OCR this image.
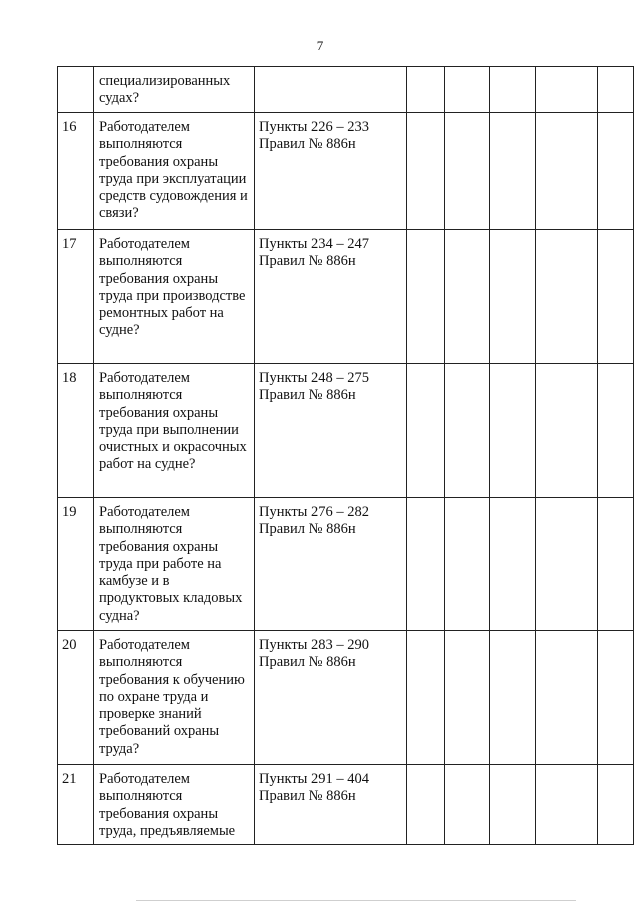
7
	специализированных судах?						
16	Работодателем выполняются требования охраны труда при эксплуатации средств судовождения и связи?	Пункты 226 – 233 Правил № 886н					
17	Работодателем выполняются требования охраны труда при производстве ремонтных работ на судне?	Пункты 234 – 247 Правил № 886н					
18	Работодателем выполняются требования охраны труда при выполнении очистных и окрасочных работ на судне?	Пункты 248 – 275 Правил № 886н					
19	Работодателем выполняются требования охраны труда при работе на камбузе и в продуктовых кладовых судна?	Пункты 276 – 282 Правил № 886н					
20	Работодателем выполняются требования к обучению по охране труда и проверке знаний требований охраны труда?	Пункты 283 – 290 Правил № 886н					
21	Работодателем выполняются требования охраны труда, предъявляемые	Пункты 291 – 404 Правил № 886н					
